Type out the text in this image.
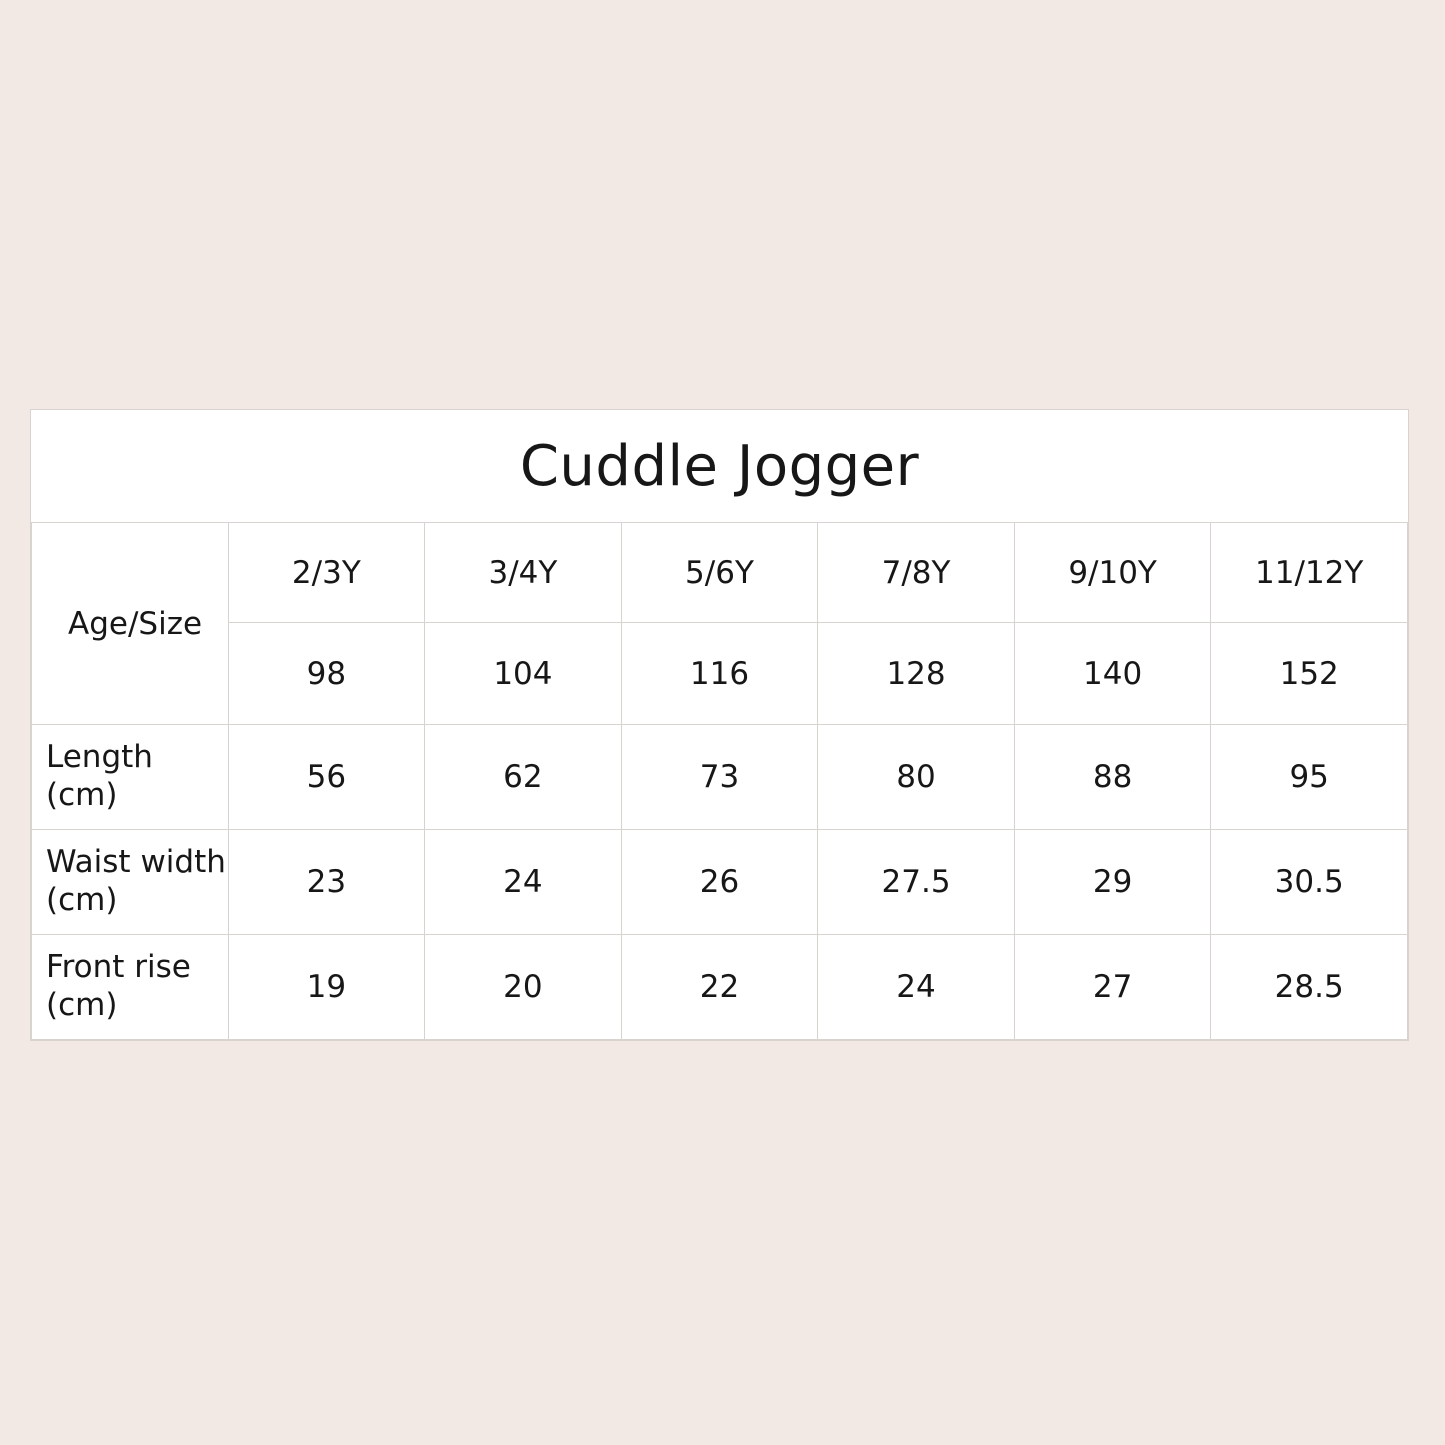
Cuddle Jogger						
Age/Size	2/3Y	3/4Y	5/6Y	7/8Y	9/10Y	11/12Y
	98	104	116	128	140	152
Length (cm)	56	62	73	80	88	95
Waist width (cm)	23	24	26	27.5	29	30.5
Front rise (cm)	19	20	22	24	27	28.5
